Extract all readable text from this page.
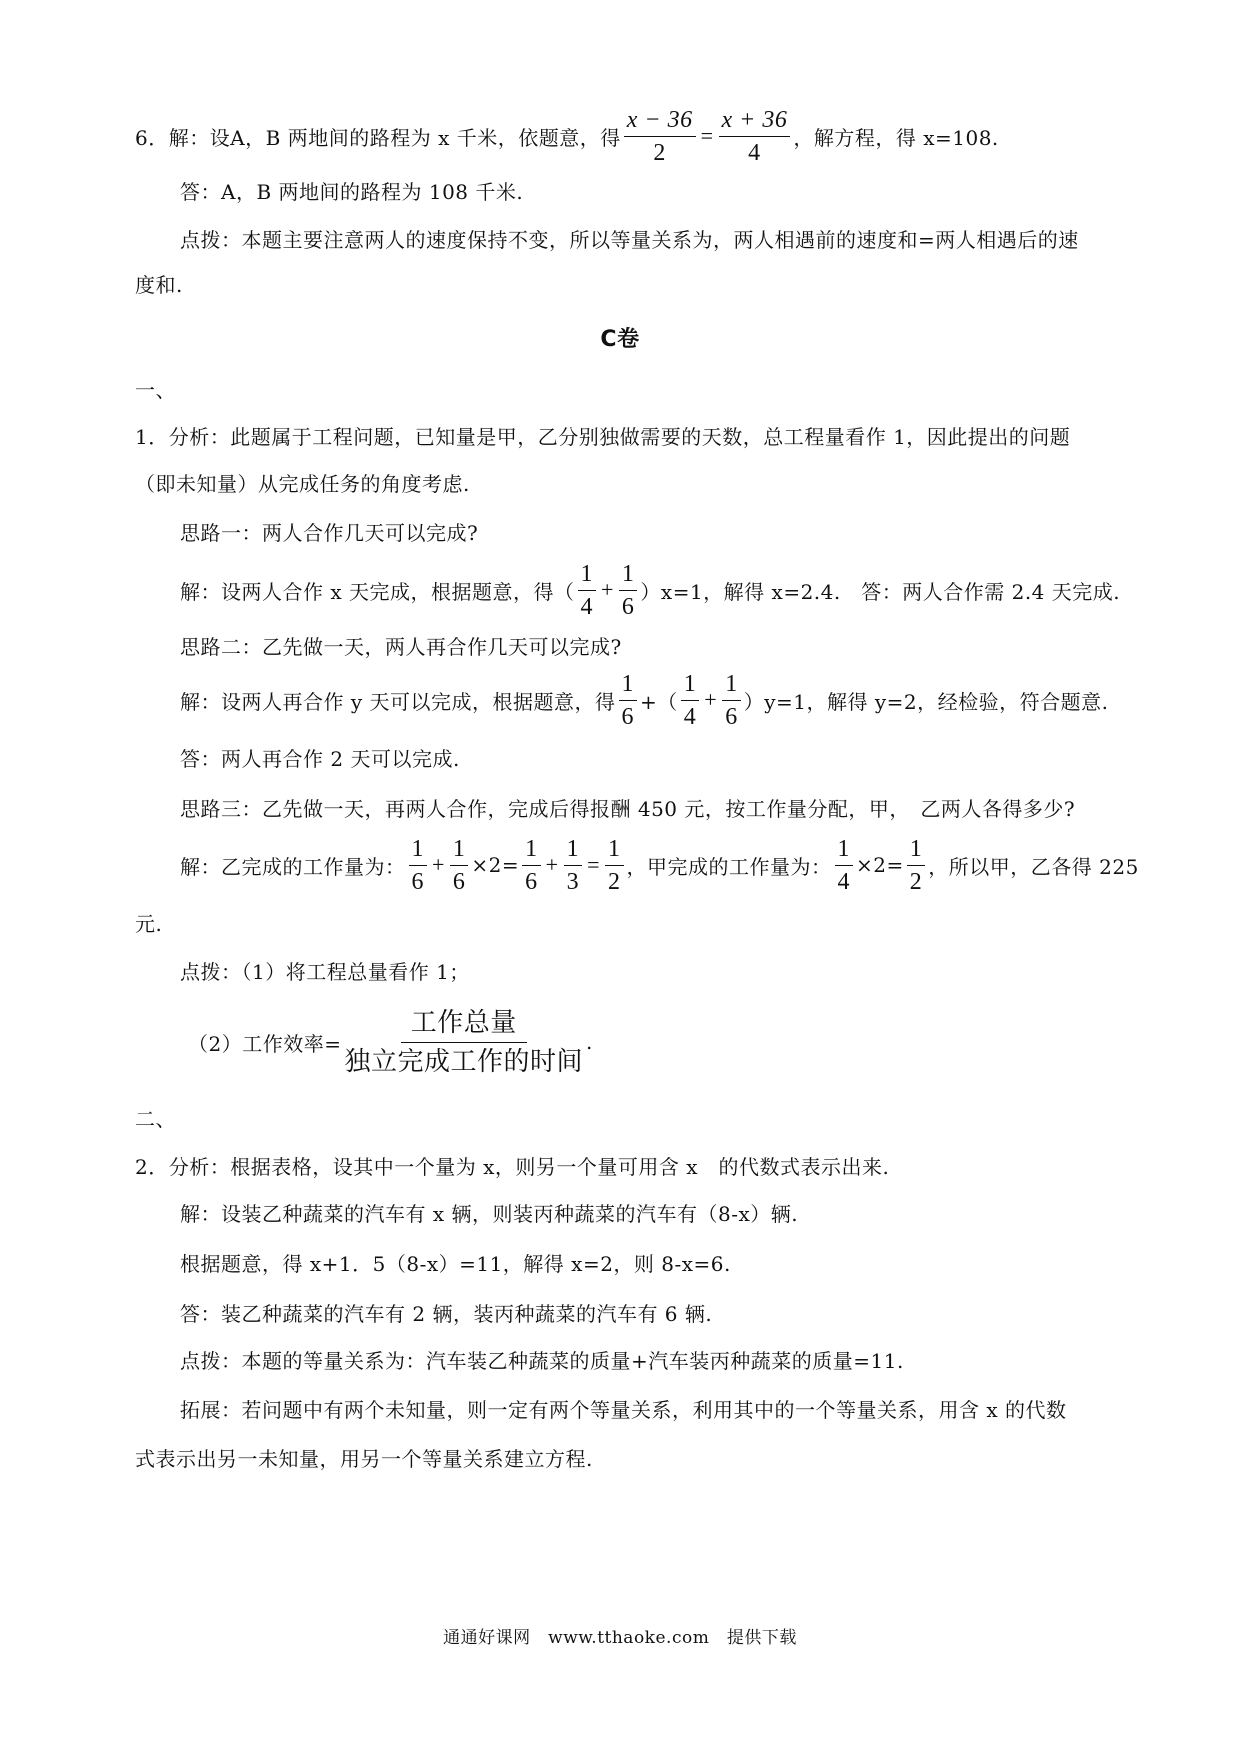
6．解：设A，B 两地间的路程为 x 千米，依题意，得 $\frac{x - 36}{2} = \frac{x + 36}{4}$ ，解方程，得 x=108.
答：A，B 两地间的路程为 108 千米.
点拨：本题主要注意两人的速度保持不变，所以等量关系为，两人相遇前的速度和=两人相遇后的速
度和.
C卷
一、
1．分析：此题属于工程问题，已知量是甲，乙分别独做需要的天数，总工程量看作 1，因此提出的问题
（即未知量）从完成任务的角度考虑.
思路一：两人合作几天可以完成?
解：设两人合作 x 天完成，根据题意，得（ $\frac{1}{4} + \frac{1}{6} )x=1$，解得 x=2.4.　答：两人合作需 2.4 天完成.
思路二：乙先做一天，两人再合作几天可以完成?
解：设两人再合作 y 天可以完成，根据题意，得 $\frac{1}{6}$ +（ $\frac{1}{4} + \frac{1}{6} )y=1$，解得 y=2，经检验，符合题意.
答：两人再合作 2 天可以完成.
思路三：乙先做一天，再两人合作，完成后得报酬 450 元，按工作量分配，甲，　乙两人各得多少?
解：乙完成的工作量为： $\frac{1}{6} + \frac{1}{6} \times 2= \frac{1}{6} + \frac{1}{3} = \frac{1}{2}$ ，甲完成的工作量为： $\frac{1}{4} \times 2= \frac{1}{2}$ ，所以甲，乙各得 225
元.
点拨：（1）将工程总量看作 1；
（2）工作效率= $\frac{\text{工作总量}}{\text{独立完成工作的时间}}$ .
二、
2．分析：根据表格，设其中一个量为 x，则另一个量可用含 x　的代数式表示出来.
解：设装乙种蔬菜的汽车有 x 辆，则装丙种蔬菜的汽车有（8-x）辆.
根据题意，得 x+1．5（8-x）=11，解得 x=2，则 8-x=6.
答：装乙种蔬菜的汽车有 2 辆，装丙种蔬菜的汽车有 6 辆.
点拨：本题的等量关系为：汽车装乙种蔬菜的质量+汽车装丙种蔬菜的质量=11.
拓展：若问题中有两个未知量，则一定有两个等量关系，利用其中的一个等量关系，用含 x 的代数
式表示出另一未知量，用另一个等量关系建立方程.
通通好课网　www.tthaoke.com　提供下载
